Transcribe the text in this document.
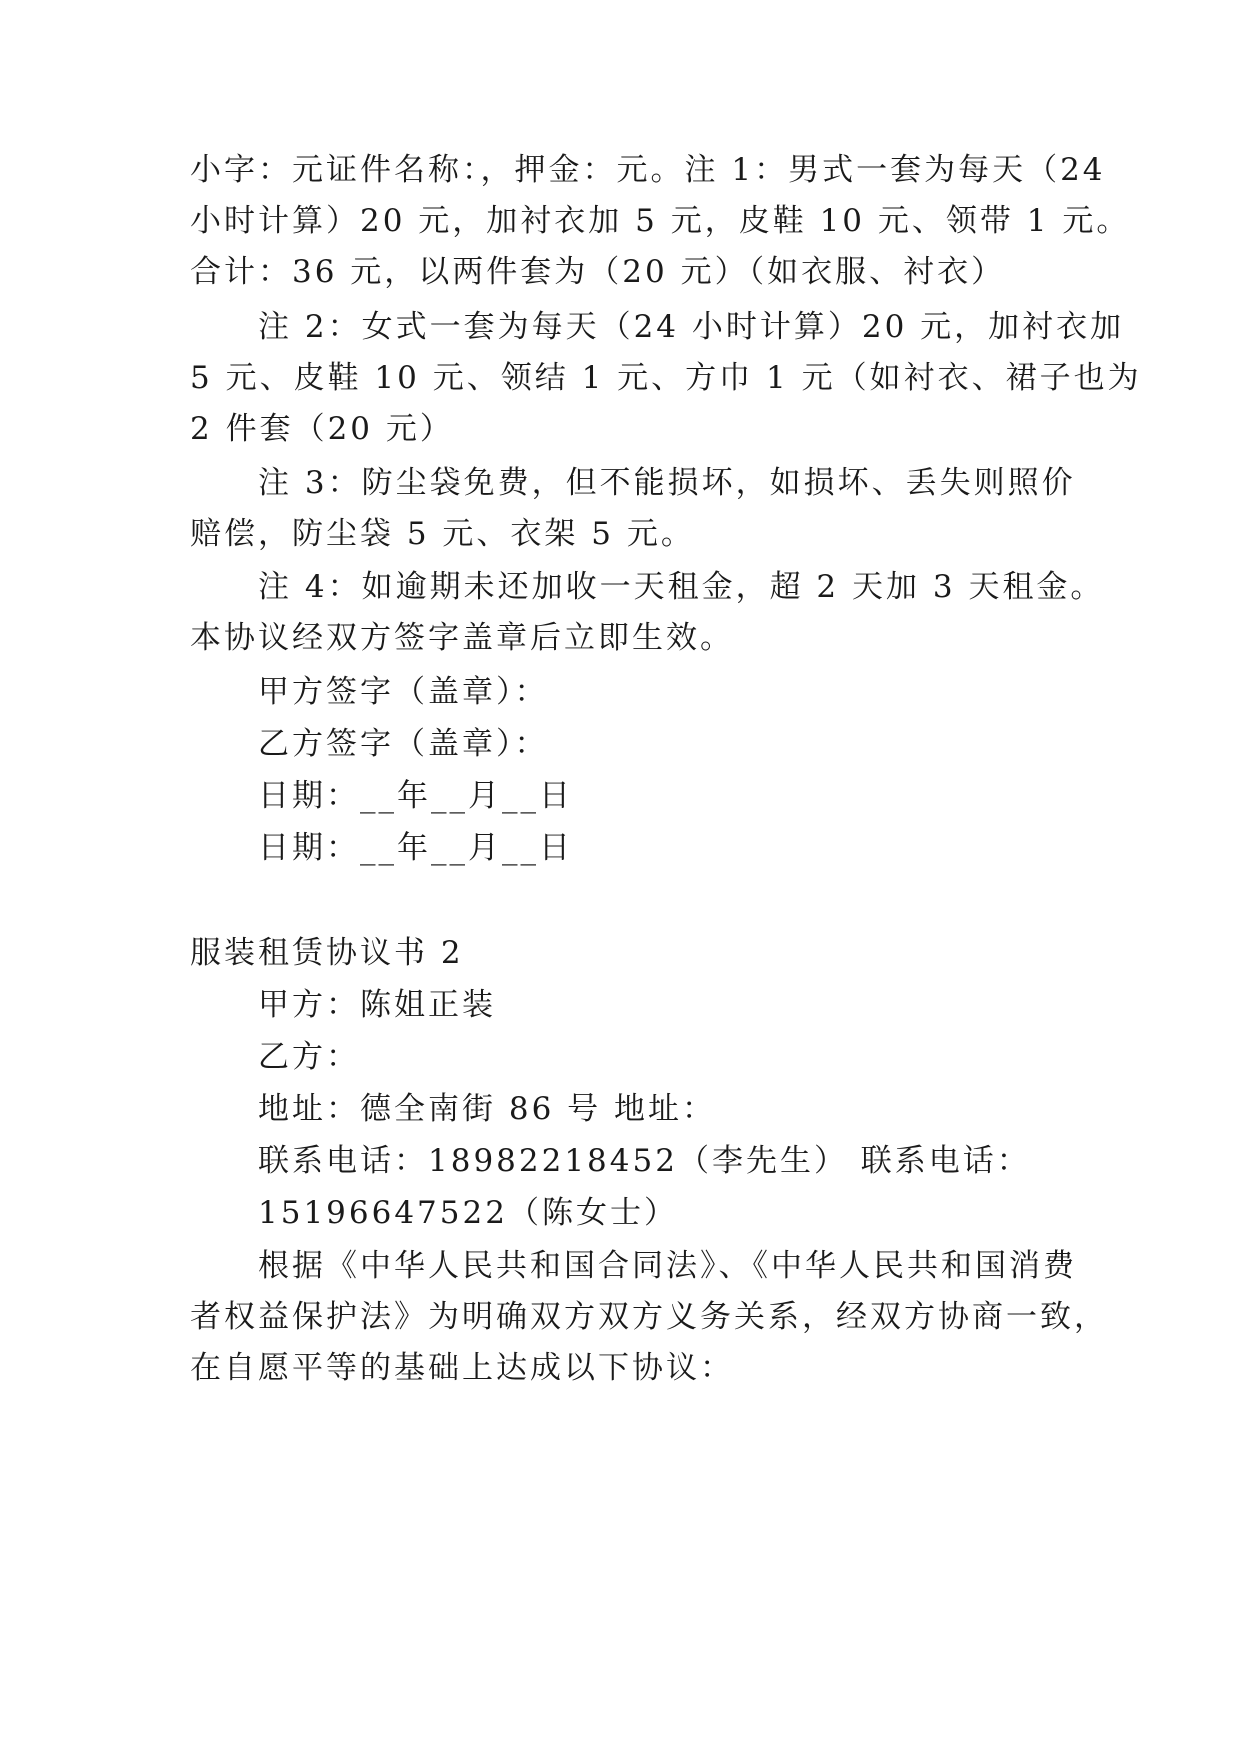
小字：元证件名称：，押金：元。注 1：男式一套为每天（24
小时计算）20 元，加衬衣加 5 元，皮鞋 10 元、领带 1 元。
合计：36 元，以两件套为（20 元）（如衣服、衬衣）
注 2：女式一套为每天（24 小时计算）20 元，加衬衣加
5 元、皮鞋 10 元、领结 1 元、方巾 1 元（如衬衣、裙子也为
2 件套（20 元）
注 3：防尘袋免费，但不能损坏，如损坏、丢失则照价
赔偿，防尘袋 5 元、衣架 5 元。
注 4：如逾期未还加收一天租金，超 2 天加 3 天租金。
本协议经双方签字盖章后立即生效。
甲方签字（盖章）：
乙方签字（盖章）：
日期：__年__月__日
日期：__年__月__日
服装租赁协议书 2
甲方：陈姐正装
乙方：
地址：德全南街 86 号 地址：
联系电话：18982218452（李先生） 联系电话：
15196647522（陈女士）
根据《中华人民共和国合同法》、《中华人民共和国消费
者权益保护法》为明确双方双方义务关系，经双方协商一致，
在自愿平等的基础上达成以下协议：
